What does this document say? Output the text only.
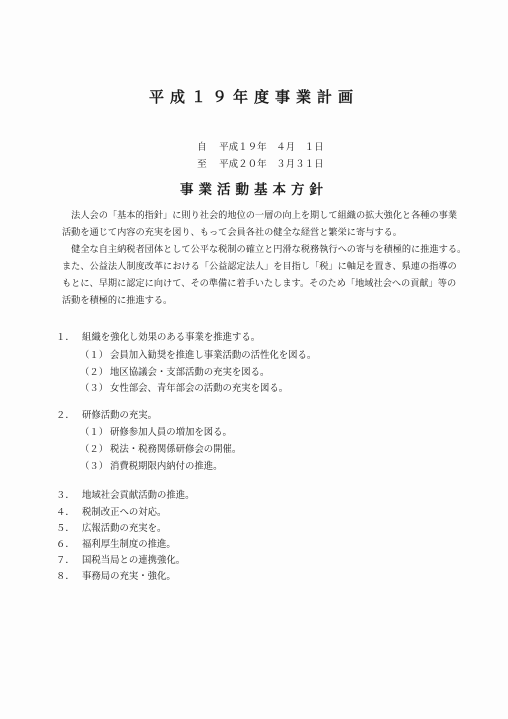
平成１９年度事業計画

自 平成１９年　４月　１日

至 平成２０年　３月３１日

事業活動基本方針
　法人会の「基本的指針」に則り社会的地位の一層の向上を期して組織の拡大強化と各種の事業
活動を通じて内容の充実を図り、もって会員各社の健全な経営と繁栄に寄与する。
　健全な自主納税者団体として公平な税制の確立と円滑な税務執行への寄与を積極的に推進する。
また、公益法人制度改革における「公益認定法人」を目指し「税」に軸足を置き、県連の指導の
もとに、早期に認定に向けて、その準備に着手いたします。そのため「地域社会への貢献」等の
活動を積極的に推進する。
１． 組織を強化し効果のある事業を推進する。
（１） 会員加入勧奨を推進し事業活動の活性化を図る。
（２） 地区協議会・支部活動の充実を図る。
（３） 女性部会、青年部会の活動の充実を図る。
２． 研修活動の充実。
（１） 研修参加人員の増加を図る。
（２） 税法・税務関係研修会の開催。
（３） 消費税期限内納付の推進。
３． 地域社会貢献活動の推進。
４． 税制改正への対応。
５． 広報活動の充実を。
６． 福利厚生制度の推進。
７． 国税当局との連携強化。
８． 事務局の充実・強化。
